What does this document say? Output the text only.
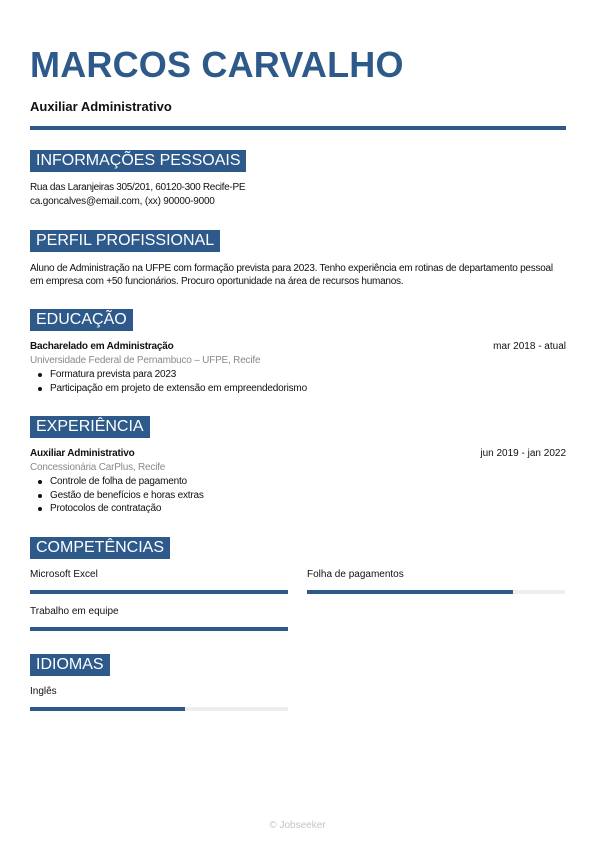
MARCOS CARVALHO
Auxiliar Administrativo
INFORMAÇÕES PESSOAIS
Rua das Laranjeiras 305/201, 60120-300 Recife-PE
ca.goncalves@email.com, (xx) 90000-9000
PERFIL PROFISSIONAL
Aluno de Administração na UFPE com formação prevista para 2023. Tenho experiência em rotinas de departamento pessoal em empresa com +50 funcionários. Procuro oportunidade na área de recursos humanos.
EDUCAÇÃO
Bacharelado em Administração	mar 2018 - atual
Universidade Federal de Pernambuco – UFPE, Recife
Formatura prevista para 2023
Participação em projeto de extensão em empreendedorismo
EXPERIÊNCIA
Auxiliar Administrativo	jun 2019 - jan 2022
Concessionária CarPlus, Recife
Controle de folha de pagamento
Gestão de benefícios e horas extras
Protocolos de contratação
COMPETÊNCIAS
Microsoft Excel	Folha de pagamentos
Trabalho em equipe
IDIOMAS
Inglês
© Jobseeker
